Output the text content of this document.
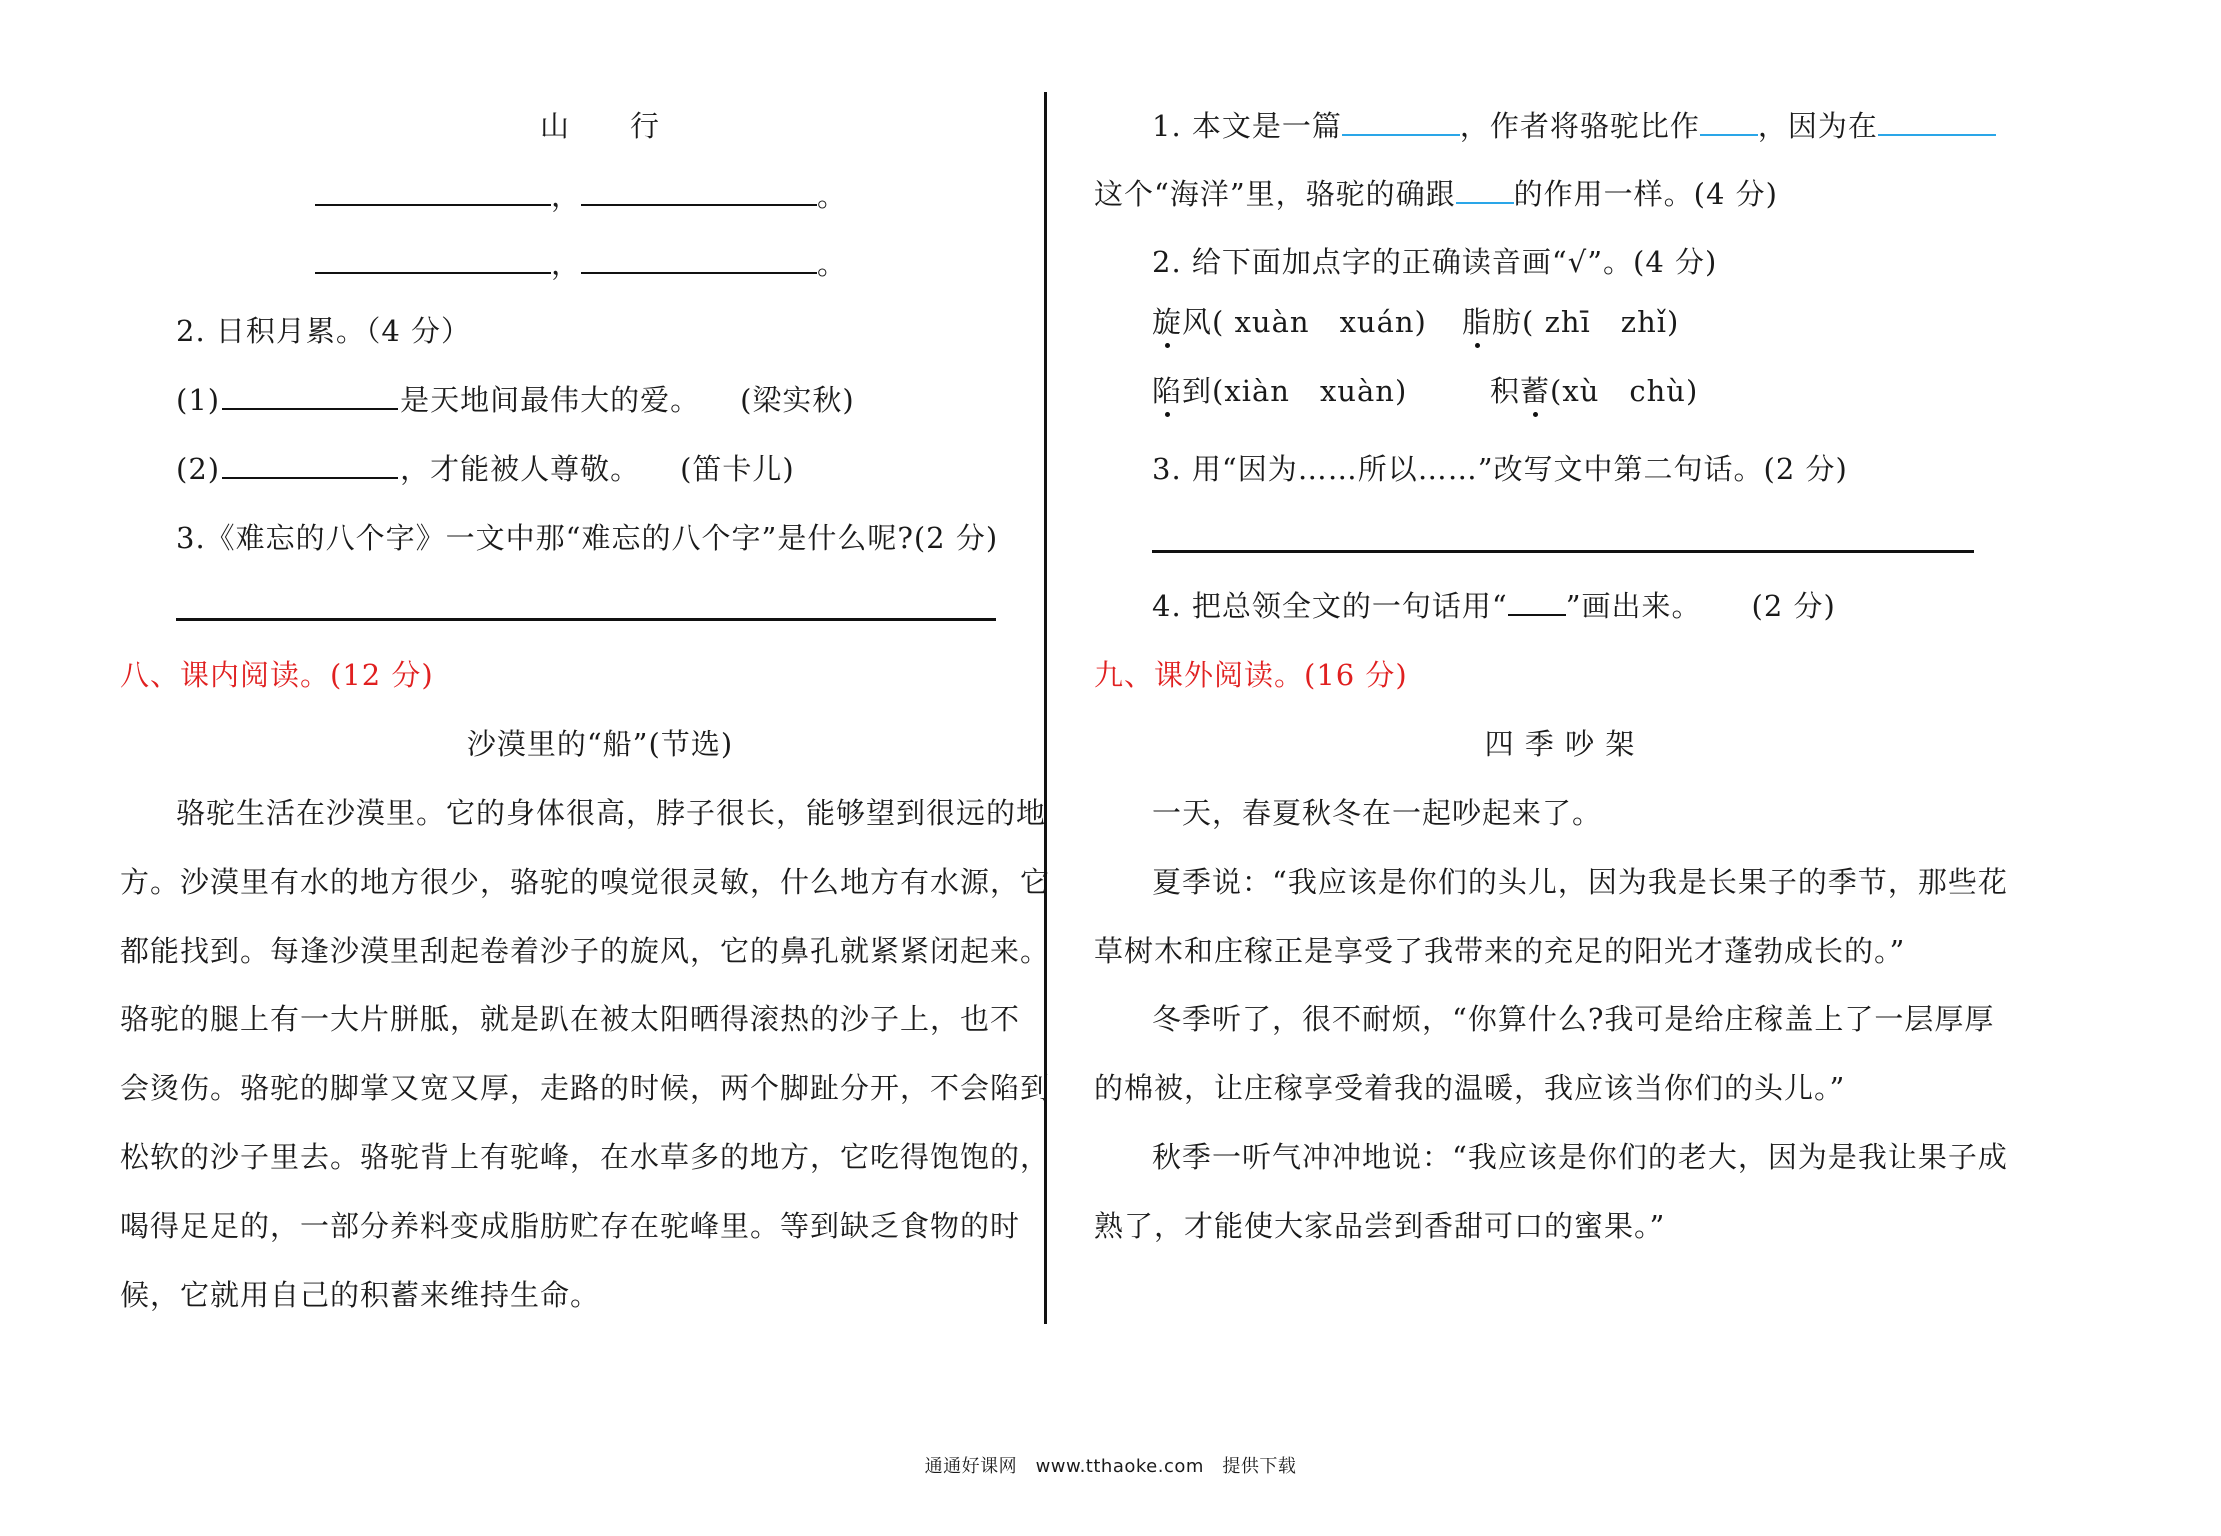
山　　行
，	。
，	。
2. 日积月累。（4 分）
(1)	是天地间最伟大的爱。 (梁实秋)
(2)	，才能被人尊敬。 (笛卡儿)
3.《难忘的八个字》一文中那“难忘的八个字”是什么呢?(2 分)
八、课内阅读。(12 分)
沙漠里的“船”(节选)
骆驼生活在沙漠里。它的身体很高，脖子很长，能够望到很远的地
方。沙漠里有水的地方很少，骆驼的嗅觉很灵敏，什么地方有水源，它
都能找到。每逢沙漠里刮起卷着沙子的旋风，它的鼻孔就紧紧闭起来。
骆驼的腿上有一大片胼胝，就是趴在被太阳晒得滚热的沙子上，也不
会烫伤。骆驼的脚掌又宽又厚，走路的时候，两个脚趾分开，不会陷到
松软的沙子里去。骆驼背上有驼峰，在水草多的地方，它吃得饱饱的，
喝得足足的，一部分养料变成脂肪贮存在驼峰里。等到缺乏食物的时
候，它就用自己的积蓄来维持生命。
1. 本文是一篇	，作者将骆驼比作 ，因为在
这个“海洋”里，骆驼的确跟 的作用一样。(4 分)
2. 给下面加点字的正确读音画“√”。(4 分)
旋风( xuàn　xuán) 脂肪( zhī　zhǐ)
陷到(xiàn　xuàn)	积蓄(xù　chù)
3. 用“因为……所以……”改写文中第二句话。(2 分)
4. 把总领全文的一句话用“ ”画出来。 (2 分)
九、课外阅读。(16 分)
四 季 吵 架
一天，春夏秋冬在一起吵起来了。
夏季说：“我应该是你们的头儿，因为我是长果子的季节，那些花
草树木和庄稼正是享受了我带来的充足的阳光才蓬勃成长的。”
冬季听了，很不耐烦，“你算什么?我可是给庄稼盖上了一层厚厚
的棉被，让庄稼享受着我的温暖，我应该当你们的头儿。”
秋季一听气冲冲地说：“我应该是你们的老大，因为是我让果子成
熟了，才能使大家品尝到香甜可口的蜜果。”
通通好课网　www.tthaoke.com　提供下载
